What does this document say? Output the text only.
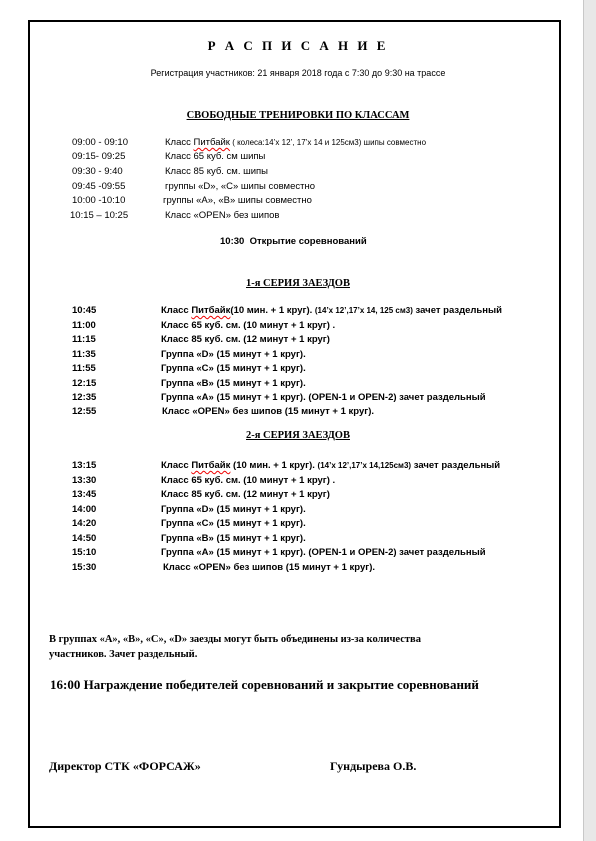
Р А С П И С А Н И Е
Регистрация участников: 21 января 2018 года с 7:30 до 9:30 на трассе
СВОБОДНЫЕ ТРЕНИРОВКИ ПО КЛАССАМ
09:00 - 09:10	Класс Питбайк ( колеса:14’х 12’, 17’х 14 и 125см3) шипы совместно
09:15- 09:25	Класс 65 куб. см шипы
09:30 - 9:40	Класс 85 куб. см. шипы
09:45 -09:55	группы «D», «C» шипы совместно
10:00 -10:10	группы «A», «B» шипы совместно
10:15 – 10:25	Класс «OPEN» без шипов
10:30 Открытие соревнований
1-я СЕРИЯ ЗАЕЗДОВ
10:45	Класс Питбайк(10 мин. + 1 круг). (14’х 12’,17’х 14, 125 см3) зачет раздельный
11:00	Класс 65 куб. см. (10 минут + 1 круг) .
11:15	Класс 85 куб. см. (12 минут + 1 круг)
11:35	Группа «D» (15 минут + 1 круг).
11:55	Группа «С» (15 минут + 1 круг).
12:15	Группа «В» (15 минут + 1 круг).
12:35	Группа «А» (15 минут + 1 круг). (OPEN-1 и OPEN-2) зачет раздельный
12:55	Класс «OPEN» без шипов (15 минут + 1 круг).
2-я СЕРИЯ ЗАЕЗДОВ
13:15	Класс Питбайк (10 мин. + 1 круг). (14’х 12’,17’х 14,125см3) зачет раздельный
13:30	Класс 65 куб. см. (10 минут + 1 круг) .
13:45	Класс 85 куб. см. (12 минут + 1 круг)
14:00	Группа «D» (15 минут + 1 круг).
14:20	Группа «С» (15 минут + 1 круг).
14:50	Группа «В» (15 минут + 1 круг).
15:10	Группа «А» (15 минут + 1 круг). (OPEN-1 и OPEN-2) зачет раздельный
15:30	Класс «OPEN» без шипов (15 минут + 1 круг).
В группах «А», «В», «С», «D» заезды могут быть объединены из-за количества
участников. Зачет раздельный.
16:00 Награждение победителей соревнований и закрытие соревнований
Директор СТК «ФОРСАЖ»	Гундырева О.В.
